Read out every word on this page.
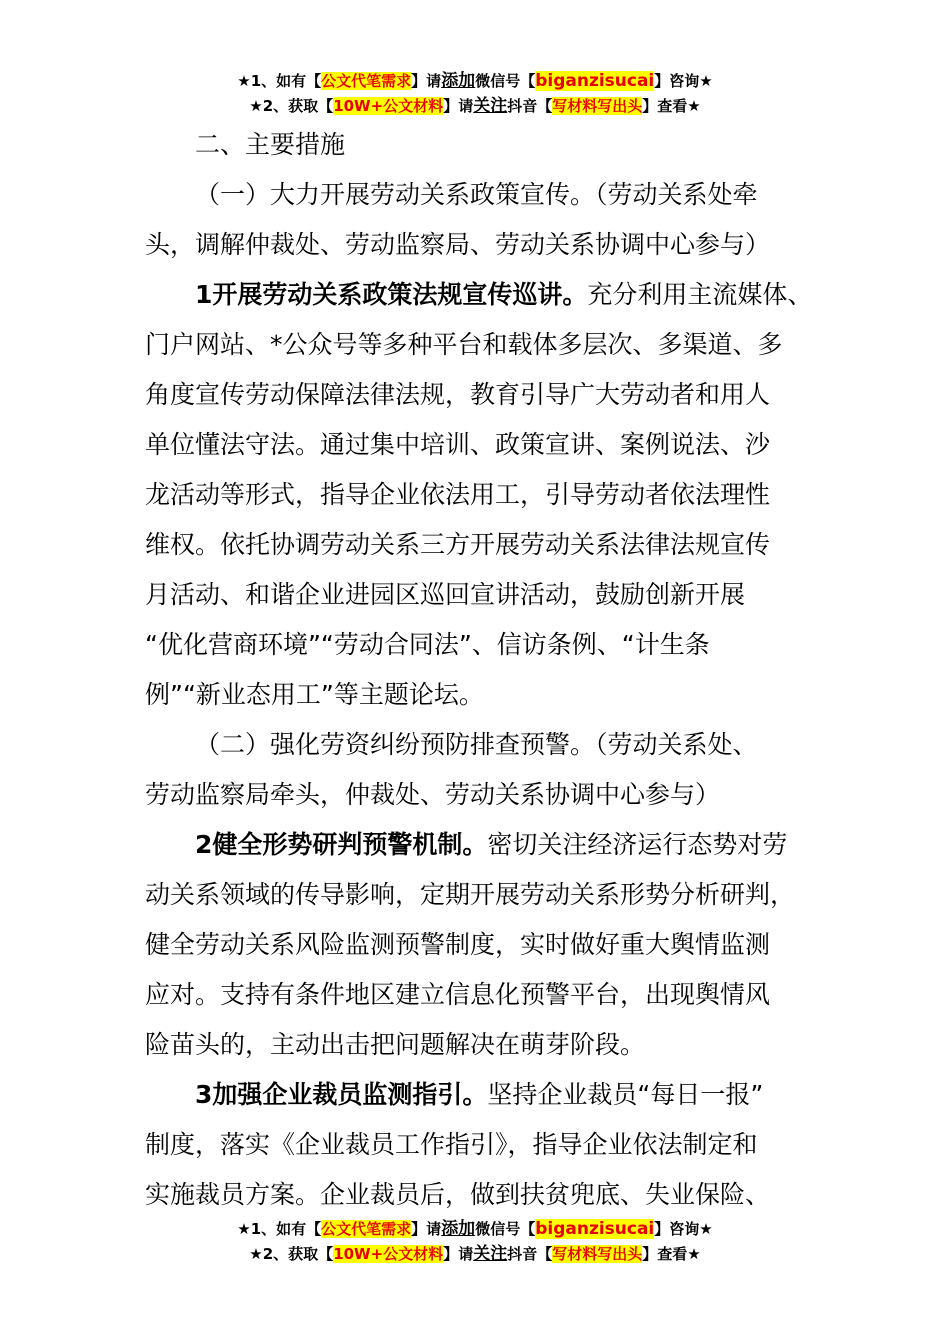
★1、如有【公文代笔需求】请添加微信号【biganzisucai】咨询★
★2、获取【10W+公文材料】请关注抖音【写材料写出头】查看★
二、主要措施
（一）大力开展劳动关系政策宣传。（劳动关系处牵
头，调解仲裁处、劳动监察局、劳动关系协调中心参与）
1开展劳动关系政策法规宣传巡讲。充分利用主流媒体、
门户网站、*公众号等多种平台和载体多层次、多渠道、多
角度宣传劳动保障法律法规，教育引导广大劳动者和用人
单位懂法守法。通过集中培训、政策宣讲、案例说法、沙
龙活动等形式，指导企业依法用工，引导劳动者依法理性
维权。依托协调劳动关系三方开展劳动关系法律法规宣传
月活动、和谐企业进园区巡回宣讲活动，鼓励创新开展
“优化营商环境”“劳动合同法”、信访条例、“计生条
例”“新业态用工”等主题论坛。
（二）强化劳资纠纷预防排查预警。（劳动关系处、
劳动监察局牵头，仲裁处、劳动关系协调中心参与）
2健全形势研判预警机制。密切关注经济运行态势对劳
动关系领域的传导影响，定期开展劳动关系形势分析研判，
健全劳动关系风险监测预警制度，实时做好重大舆情监测
应对。支持有条件地区建立信息化预警平台，出现舆情风
险苗头的，主动出击把问题解决在萌芽阶段。
3加强企业裁员监测指引。坚持企业裁员“每日一报”
制度，落实《企业裁员工作指引》，指导企业依法制定和
实施裁员方案。企业裁员后，做到扶贫兜底、失业保险、
★1、如有【公文代笔需求】请添加微信号【biganzisucai】咨询★
★2、获取【10W+公文材料】请关注抖音【写材料写出头】查看★
